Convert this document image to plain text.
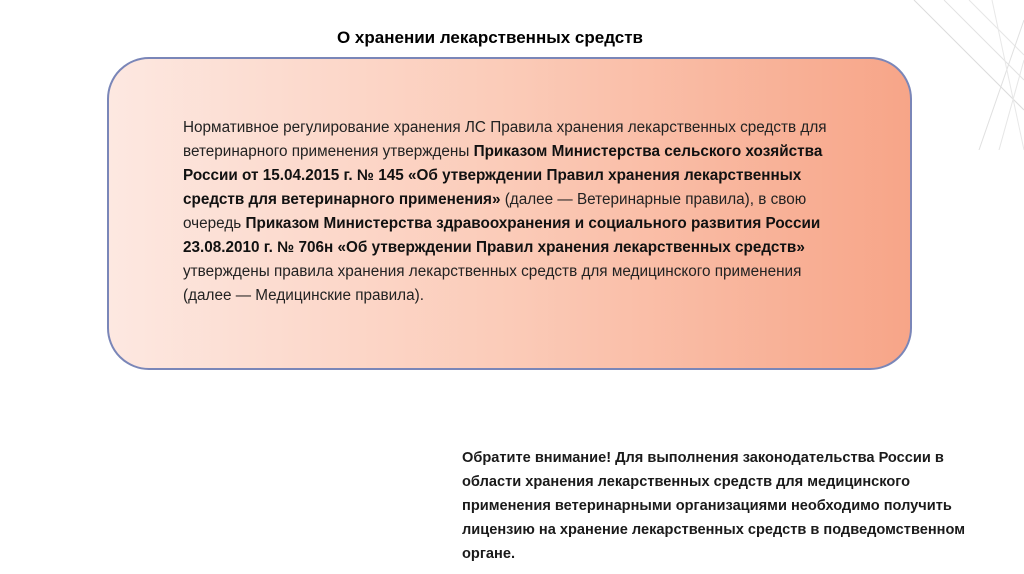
О хранении лекарственных средств

Нормативное регулирование хранения ЛС Правила хранения лекарственных средств для ветеринарного применения утверждены Приказом Министерства сельского хозяйства России от 15.04.2015 г. № 145 «Об утверждении Правил хранения лекарственных средств для ветеринарного применения» (далее — Ветеринарные правила), в свою очередь Приказом Министерства здравоохранения и социального развития России 23.08.2010 г. № 706н «Об утверждении Правил хранения лекарственных средств» утверждены правила хранения лекарственных средств для медицинского применения (далее — Медицинские правила).

Обратите внимание! Для выполнения законодательства России в области хранения лекарственных средств для медицинского применения ветеринарными организациями необходимо получить лицензию на хранение лекарственных средств в подведомственном органе.
